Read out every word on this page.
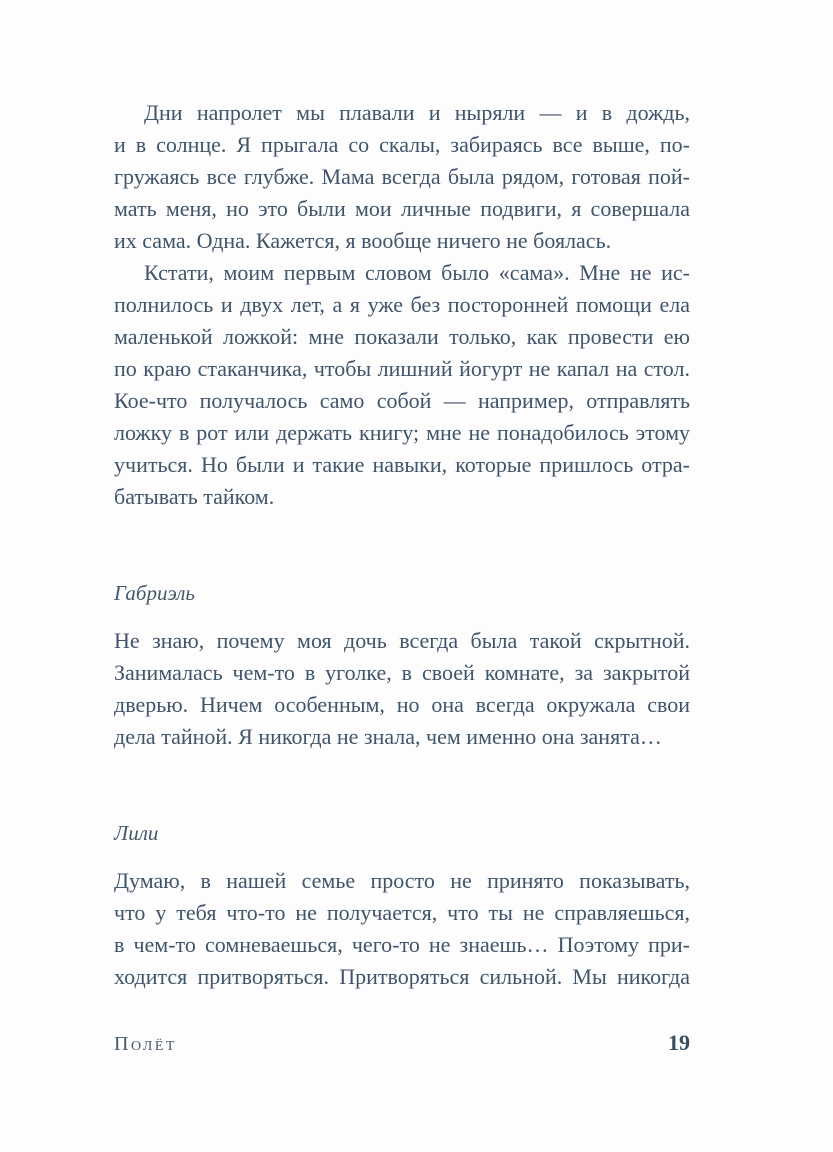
Дни напролет мы плавали и ныряли — и в дождь,
и в солнце. Я прыгала со скалы, забираясь все выше, по-
гружаясь все глубже. Мама всегда была рядом, готовая пой-
мать меня, но это были мои личные подвиги, я совершала
их сама. Одна. Кажется, я вообще ничего не боялась.

Кстати, моим первым словом было «сама». Мне не ис-
полнилось и двух лет, а я уже без посторонней помощи ела
маленькой ложкой: мне показали только, как провести ею
по краю стаканчика, чтобы лишний йогурт не капал на стол.
Кое-что получалось само собой — например, отправлять
ложку в рот или держать книгу; мне не понадобилось этому
учиться. Но были и такие навыки, которые пришлось отра-
батывать тайком.

Габриэль

Не знаю, почему моя дочь всегда была такой скрытной.
Занималась чем-то в уголке, в своей комнате, за закрытой
дверью. Ничем особенным, но она всегда окружала свои
дела тайной. Я никогда не знала, чем именно она занята…

Лили

Думаю, в нашей семье просто не принято показывать,
что у тебя что-то не получается, что ты не справляешься,
в чем-то сомневаешься, чего-то не знаешь… Поэтому при-
ходится притворяться. Притворяться сильной. Мы никогда

Полёт	19
